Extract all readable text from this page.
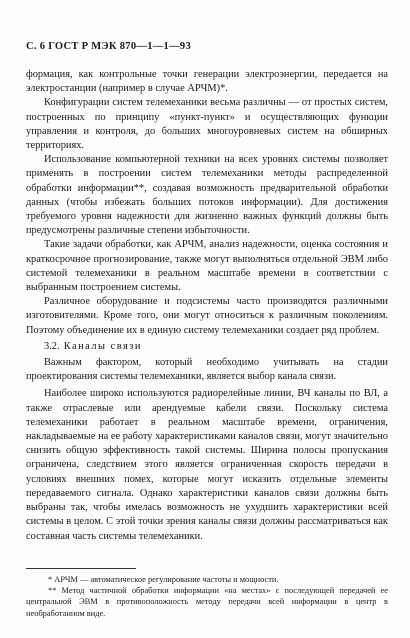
С. 6 ГОСТ Р МЭК 870—1—1—93

формация, как контрольные точки генерации электроэнергии, передается на электростанции (например в случае АРЧМ)*.

Конфигурации систем телемеханики весьма различны — от простых систем, построенных по принципу «пункт-пункт» и осуществляющих функции управления и контроля, до больших многоуровневых систем на обширных территориях.

Использование компьютерной техники на всех уровнях системы позволяет применять в построении систем телемеханики методы распределенной обработки информации**, создавая возможность предварительной обработки данных (чтобы избежать больших потоков информации). Для достижения требуемого уровня надежности для жизненно важных функций должны быть предусмотрены различные степени избыточности.

Такие задачи обработки, как АРЧМ, анализ надежности, оценка состояния и краткосрочное прогнозирование, также могут выполняться отдельной ЭВМ либо системой телемеханики в реальном масштабе времени в соответствии с выбранным построением системы.

Различное оборудование и подсистемы часто производятся различными изготовителями. Кроме того, они могут относиться к различным поколениям. Поэтому объединение их в единую систему телемеханики создает ряд проблем.

3.2. Каналы связи

Важным фактором, который необходимо учитывать на стадии проектирования системы телемеханики, является выбор канала связи.

Наиболее широко используются радиорелейные линии, ВЧ каналы по ВЛ, а также отраслевые или арендуемые кабели связи. Поскольку система телемеханики работает в реальном масштабе времени, ограничения, накладываемые на ее работу характеристиками каналов связи, могут значительно снизить общую эффективность такой системы. Ширина полосы пропускания ограничена, следствием этого является ограниченная скорость передачи в условиях внешних помех, которые могут исказить отдельные элементы передаваемого сигнала. Однако характеристики каналов связи должны быть выбраны так, чтобы имелась возможность не ухудшить характеристики всей системы в целом. С этой точки зрения каналы связи должны рассматриваться как составная часть системы телемеханики.

* АРЧМ — автоматическое регулирование частоты и мощности.

** Метод частичной обработки информации «на местах» с последующей передачей ее центральной ЭВМ в противоположность методу передачи всей информации в центр в необработанном виде.
